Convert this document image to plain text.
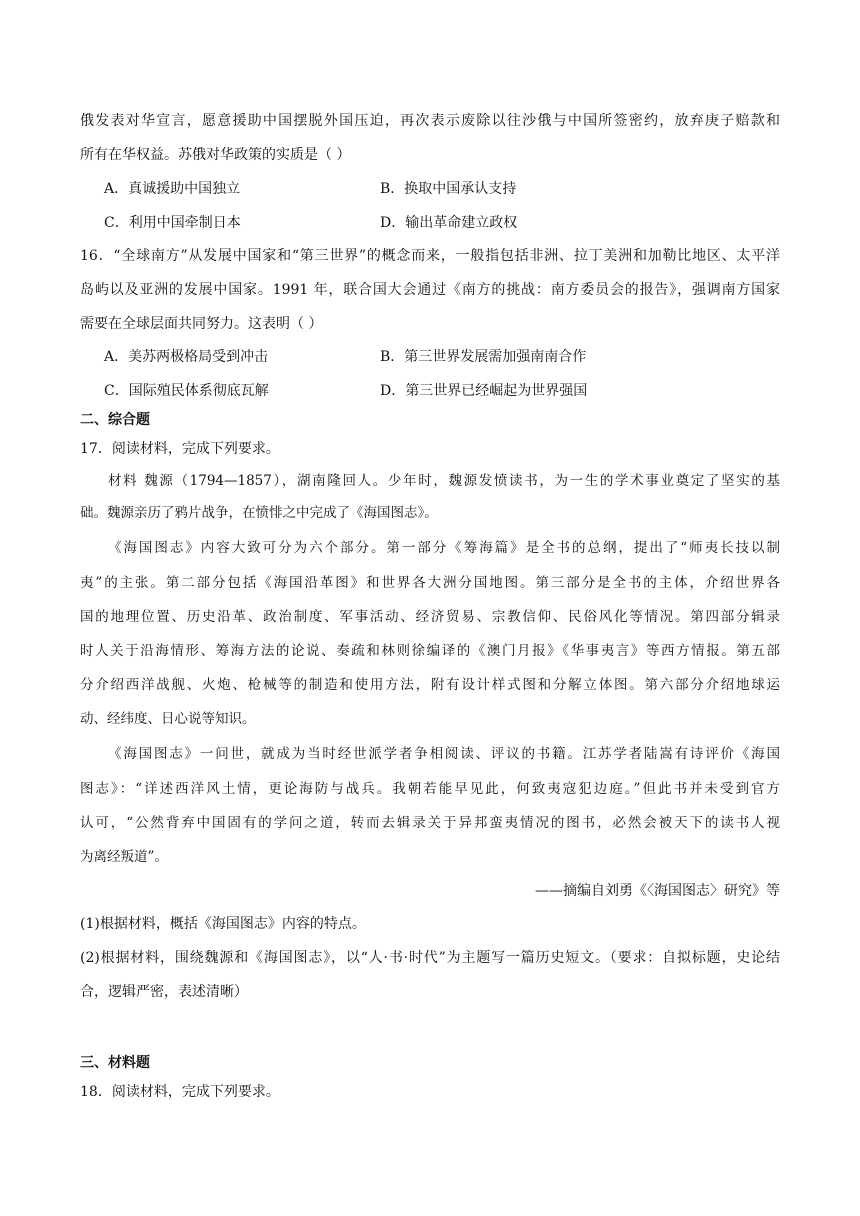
俄发表对华宣言，愿意援助中国摆脱外国压迫，再次表示废除以往沙俄与中国所签密约，放弃庚子赔款和
所有在华权益。苏俄对华政策的实质是（ ）
A．真诚援助中国独立	B．换取中国承认支持
C．利用中国牵制日本	D．输出革命建立政权
16．“全球南方”从发展中国家和“第三世界”的概念而来，一般指包括非洲、拉丁美洲和加勒比地区、太平洋
岛屿以及亚洲的发展中国家。1991 年，联合国大会通过《南方的挑战：南方委员会的报告》，强调南方国家
需要在全球层面共同努力。这表明（ ）
A．美苏两极格局受到冲击	B．第三世界发展需加强南南合作
C．国际殖民体系彻底瓦解	D．第三世界已经崛起为世界强国
二、综合题
17．阅读材料，完成下列要求。
材料 魏源（1794—1857），湖南隆回人。少年时，魏源发愤读书，为一生的学术事业奠定了坚实的基
础。魏源亲历了鸦片战争，在愤悱之中完成了《海国图志》。
《海国图志》内容大致可分为六个部分。第一部分《筹海篇》是全书的总纲，提出了“师夷长技以制
夷”的主张。第二部分包括《海国沿革图》和世界各大洲分国地图。第三部分是全书的主体，介绍世界各
国的地理位置、历史沿革、政治制度、军事活动、经济贸易、宗教信仰、民俗风化等情况。第四部分辑录
时人关于沿海情形、筹海方法的论说、奏疏和林则徐编译的《澳门月报》《华事夷言》等西方情报。第五部
分介绍西洋战舰、火炮、枪械等的制造和使用方法，附有设计样式图和分解立体图。第六部分介绍地球运
动、经纬度、日心说等知识。
《海国图志》一问世，就成为当时经世派学者争相阅读、评议的书籍。江苏学者陆嵩有诗评价《海国
图志》：“详述西洋风土情，更论海防与战兵。我朝若能早见此，何致夷寇犯边庭。”但此书并未受到官方
认可，“公然背弃中国固有的学问之道，转而去辑录关于异邦蛮夷情况的图书，必然会被天下的读书人视
为离经叛道”。
——摘编自刘勇《〈海国图志〉研究》等
(1)根据材料，概括《海国图志》内容的特点。
(2)根据材料，围绕魏源和《海国图志》，以“人·书·时代”为主题写一篇历史短文。（要求：自拟标题，史论结
合，逻辑严密，表述清晰）
三、材料题
18．阅读材料，完成下列要求。
